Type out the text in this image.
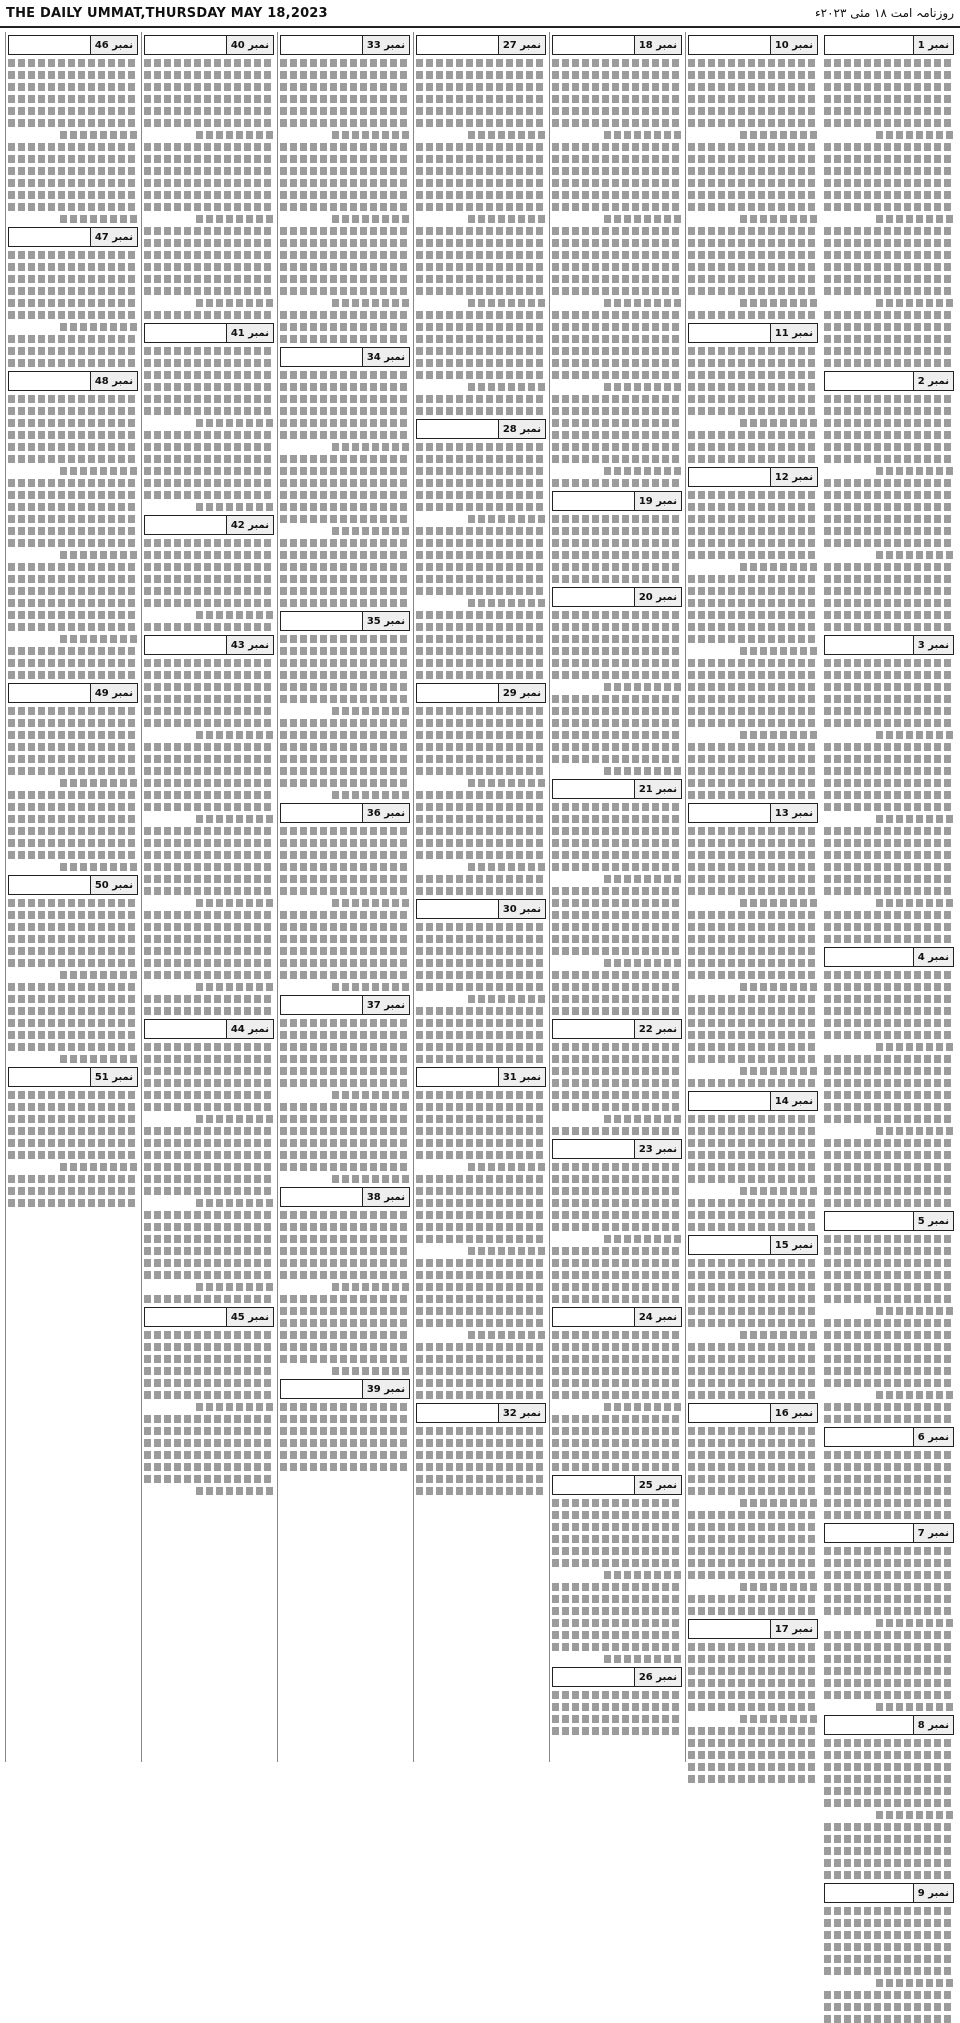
THE DAILY UMMAT,THURSDAY MAY 18,2023	روزنامہ امت ۱۸ مئی ۲۰۲۳ء
نمبر 1
نمبر 2
نمبر 3
نمبر 4
نمبر 5
نمبر 6
نمبر 7
نمبر 8
نمبر 9
نمبر 10
نمبر 11
نمبر 12
نمبر 13
نمبر 14
نمبر 15
نمبر 16
نمبر 17
نمبر 18
نمبر 19
نمبر 20
نمبر 21
نمبر 22
نمبر 23
نمبر 24
نمبر 25
نمبر 26
نمبر 27
نمبر 28
نمبر 29
نمبر 30
نمبر 31
نمبر 32
نمبر 33
نمبر 34
نمبر 35
نمبر 36
نمبر 37
نمبر 38
نمبر 39
نمبر 40
نمبر 41
نمبر 42
نمبر 43
نمبر 44
نمبر 45
نمبر 46
نمبر 47
نمبر 48
نمبر 49
نمبر 50
نمبر 51
